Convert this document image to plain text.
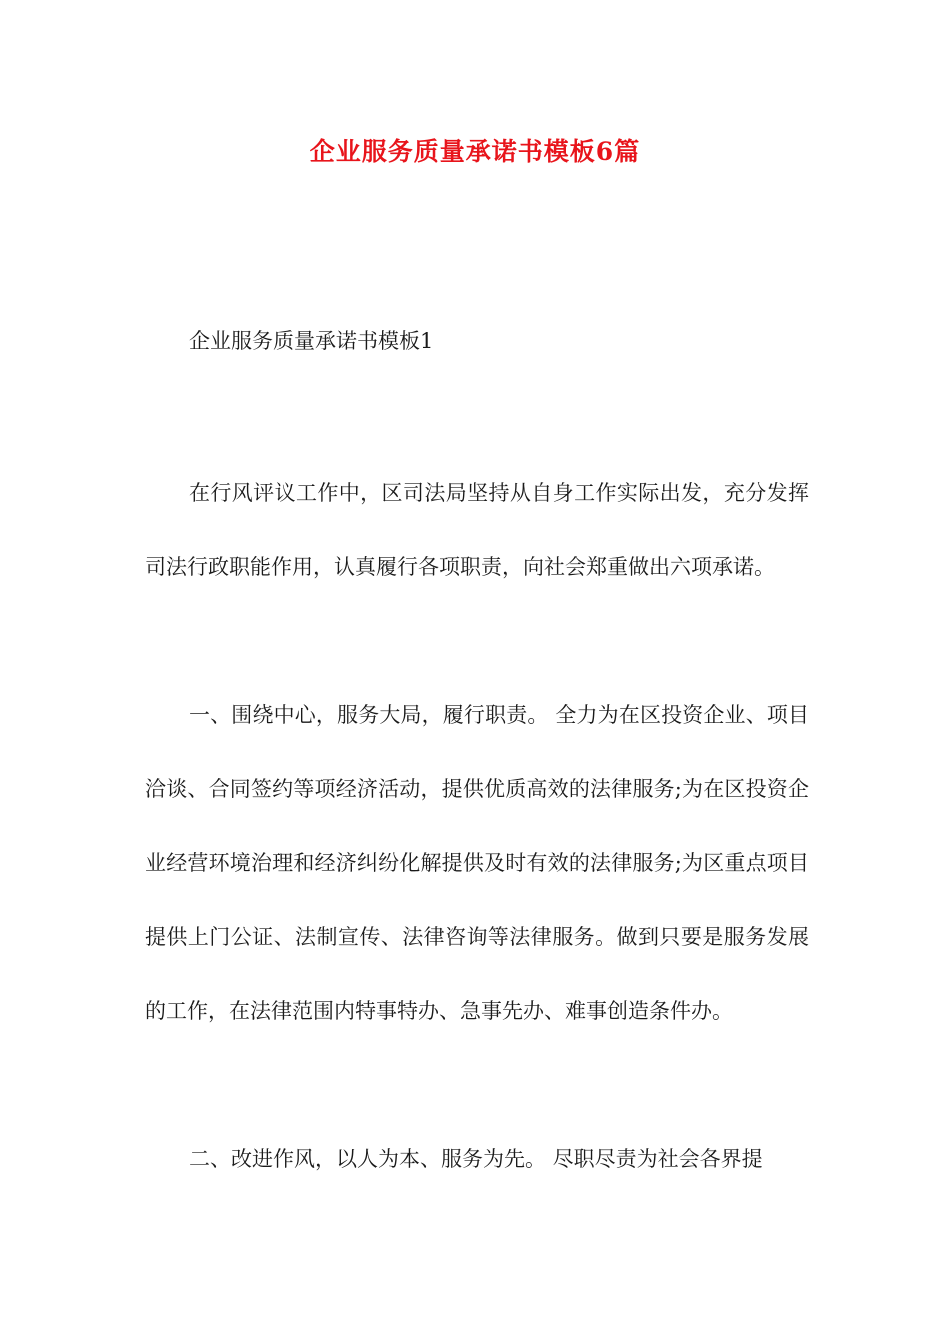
企业服务质量承诺书模板6篇
企业服务质量承诺书模板1

在行风评议工作中，区司法局坚持从自身工作实际出发，充分发挥司法行政职能作用，认真履行各项职责，向社会郑重做出六项承诺。

一、围绕中心，服务大局，履行职责。 全力为在区投资企业、项目洽谈、合同签约等项经济活动，提供优质高效的法律服务;为在区投资企业经营环境治理和经济纠纷化解提供及时有效的法律服务;为区重点项目提供上门公证、法制宣传、法律咨询等法律服务。做到只要是服务发展的工作，在法律范围内特事特办、急事先办、难事创造条件办。

二、改进作风，以人为本、服务为先。 尽职尽责为社会各界提
